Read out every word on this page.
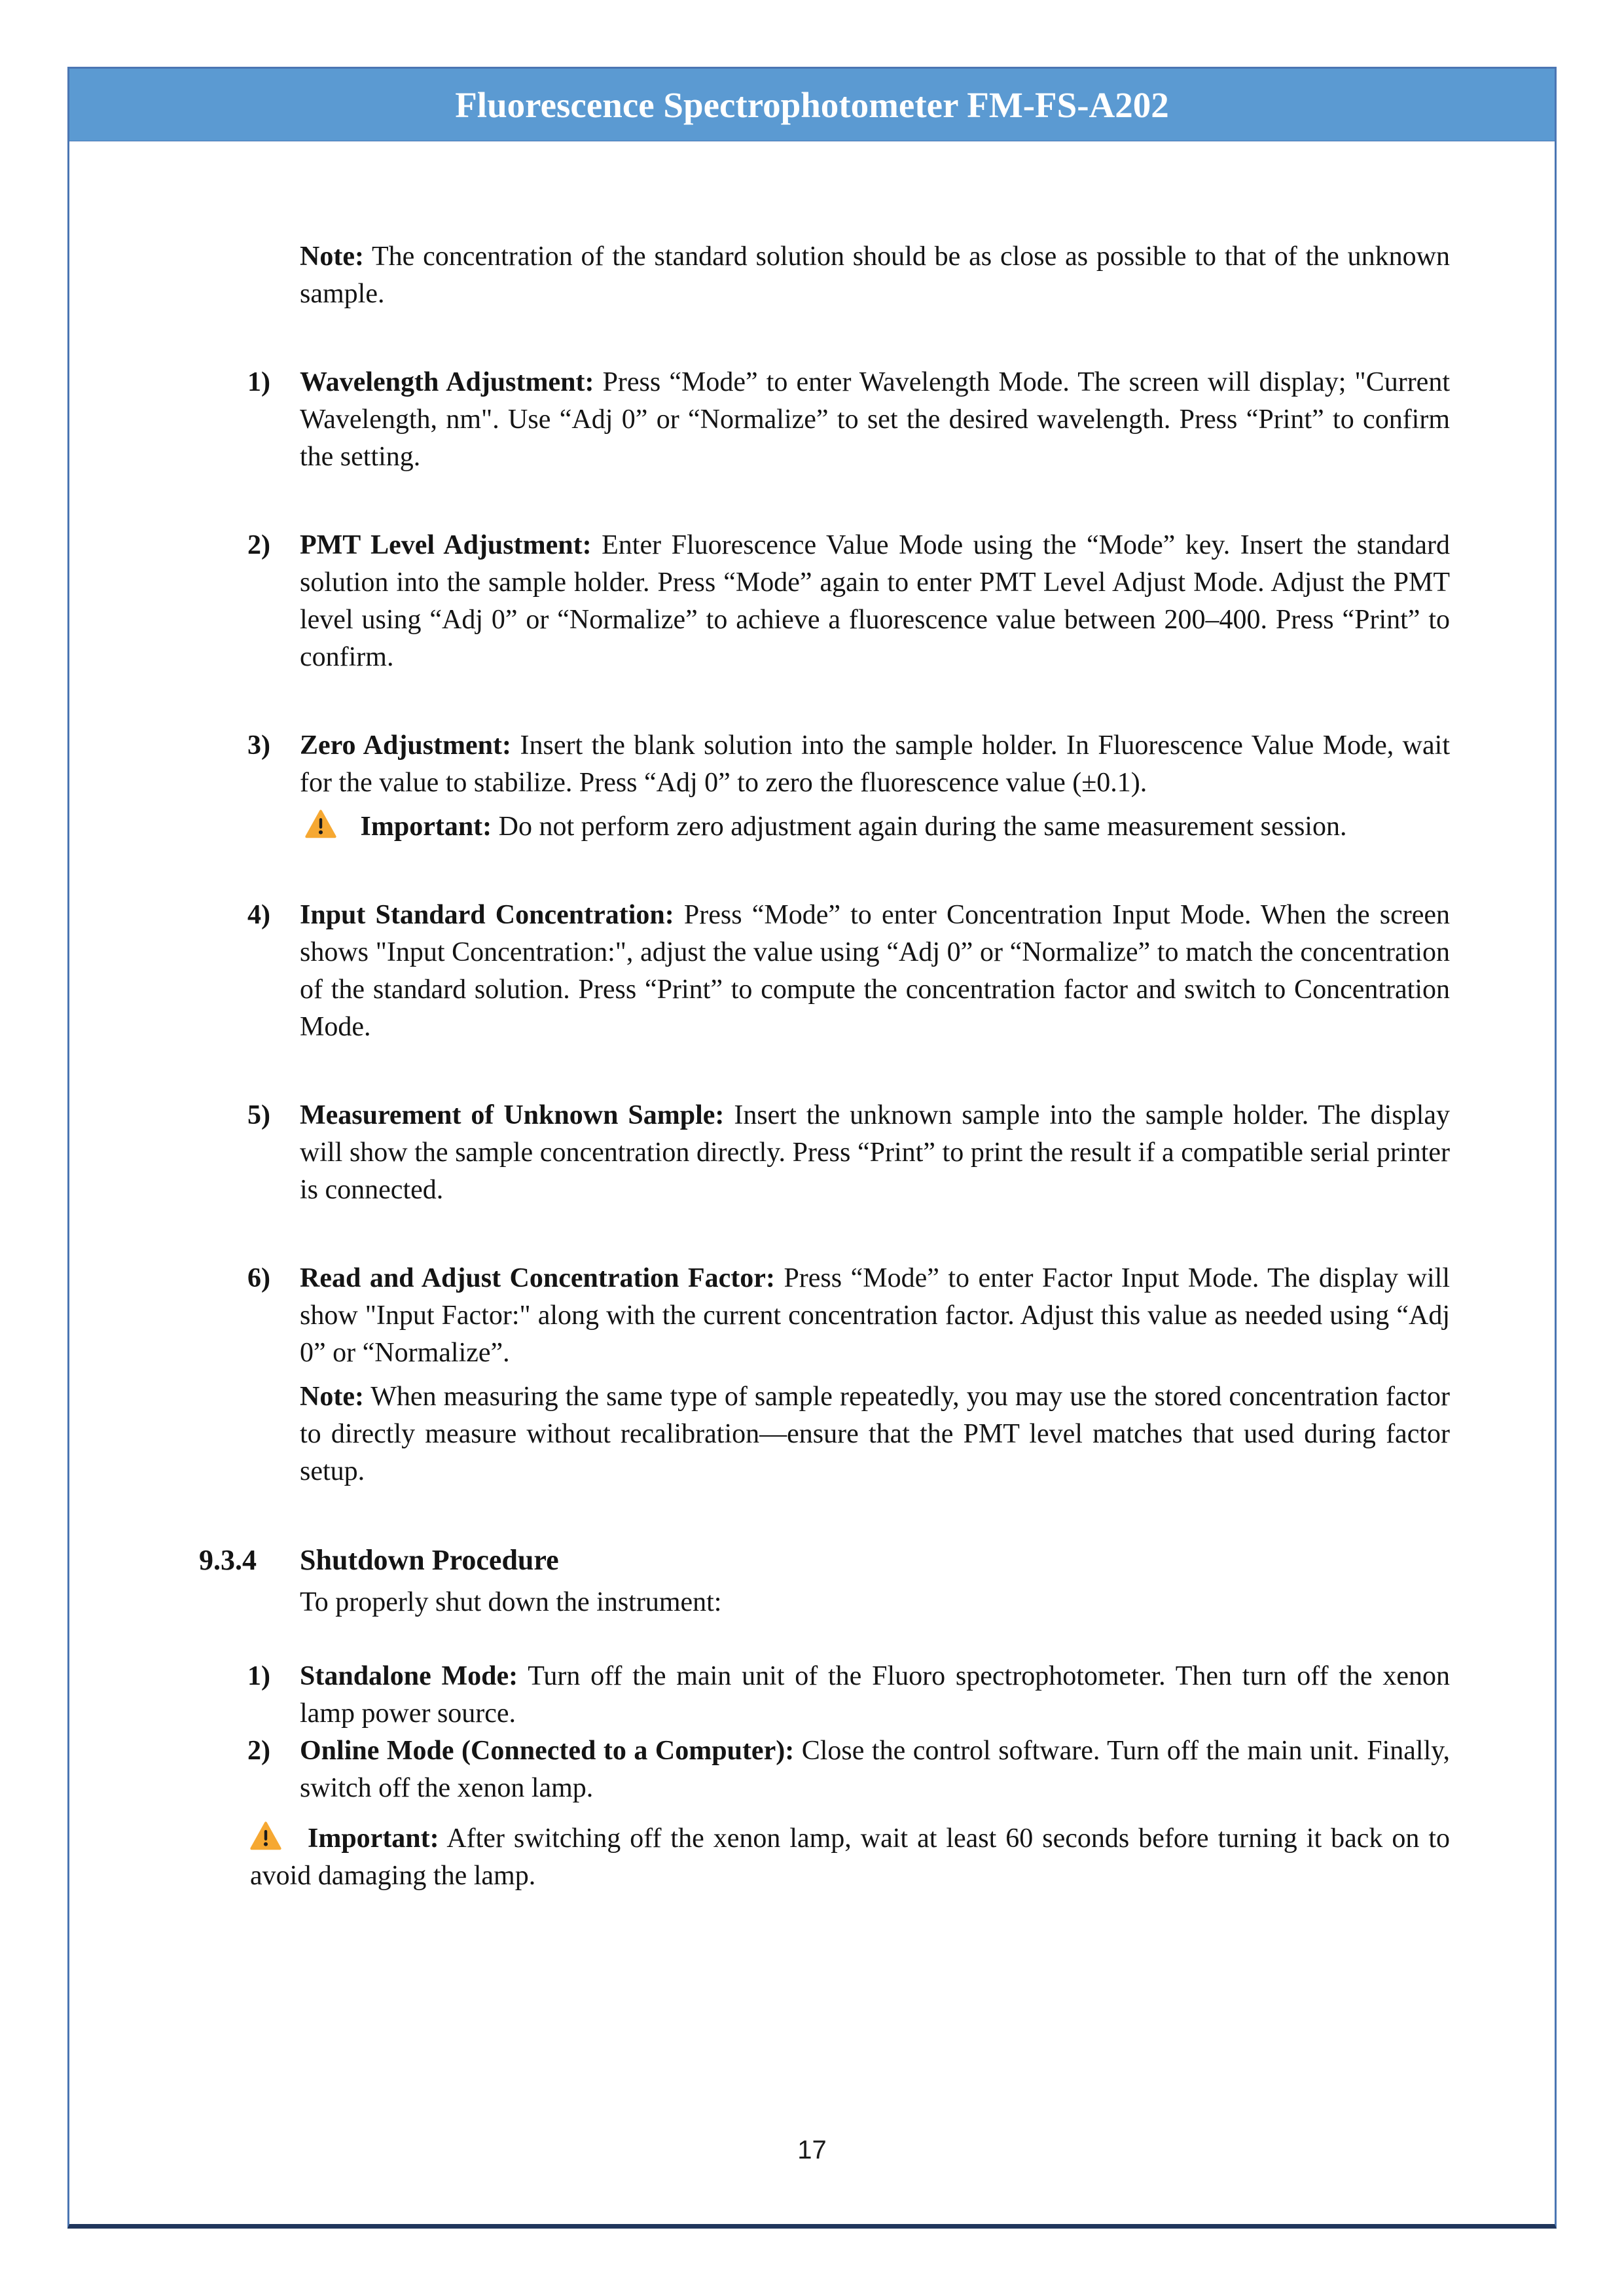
Fluorescence Spectrophotometer FM-FS-A202

Note: The concentration of the standard solution should be as close as possible to that of the unknown sample.

1) Wavelength Adjustment: Press “Mode” to enter Wavelength Mode. The screen will display; "Current Wavelength, nm". Use “Adj 0” or “Normalize” to set the desired wavelength. Press “Print” to confirm the setting.
2) PMT Level Adjustment: Enter Fluorescence Value Mode using the “Mode” key. Insert the standard solution into the sample holder. Press “Mode” again to enter PMT Level Adjust Mode. Adjust the PMT level using “Adj 0” or “Normalize” to achieve a fluorescence value between 200–400. Press “Print” to confirm.
3) Zero Adjustment: Insert the blank solution into the sample holder. In Fluorescence Value Mode, wait for the value to stabilize. Press “Adj 0” to zero the fluorescence value (±0.1).

Important: Do not perform zero adjustment again during the same measurement session.

4) Input Standard Concentration: Press “Mode” to enter Concentration Input Mode. When the screen shows "Input Concentration:", adjust the value using “Adj 0” or “Normalize” to match the concentration of the standard solution. Press “Print” to compute the concentration factor and switch to Concentration Mode.
5) Measurement of Unknown Sample: Insert the unknown sample into the sample holder. The display will show the sample concentration directly. Press “Print” to print the result if a compatible serial printer is connected.
6) Read and Adjust Concentration Factor: Press “Mode” to enter Factor Input Mode. The display will show "Input Factor:" along with the current concentration factor. Adjust this value as needed using “Adj 0” or “Normalize”.

Note: When measuring the same type of sample repeatedly, you may use the stored concentration factor to directly measure without recalibration—ensure that the PMT level matches that used during factor setup.

9.3.4 Shutdown Procedure

To properly shut down the instrument:

1) Standalone Mode: Turn off the main unit of the Fluoro spectrophotometer. Then turn off the xenon lamp power source.
2) Online Mode (Connected to a Computer): Close the control software. Turn off the main unit. Finally, switch off the xenon lamp.

Important: After switching off the xenon lamp, wait at least 60 seconds before turning it back on to avoid damaging the lamp.

17
